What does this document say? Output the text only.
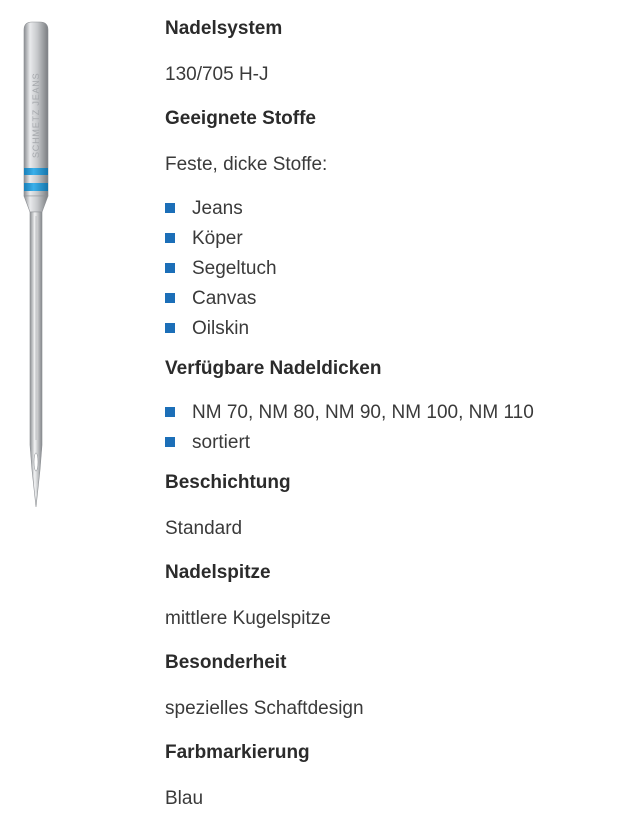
SCHMETZ JEANS
Nadelsystem
130/705 H-J
Geeignete Stoffe
Feste, dicke Stoffe:
Jeans
Köper
Segeltuch
Canvas
Oilskin
Verfügbare Nadeldicken
NM 70, NM 80, NM 90, NM 100, NM 110
sortiert
Beschichtung
Standard
Nadelspitze
mittlere Kugelspitze
Besonderheit
spezielles Schaftdesign
Farbmarkierung
Blau
